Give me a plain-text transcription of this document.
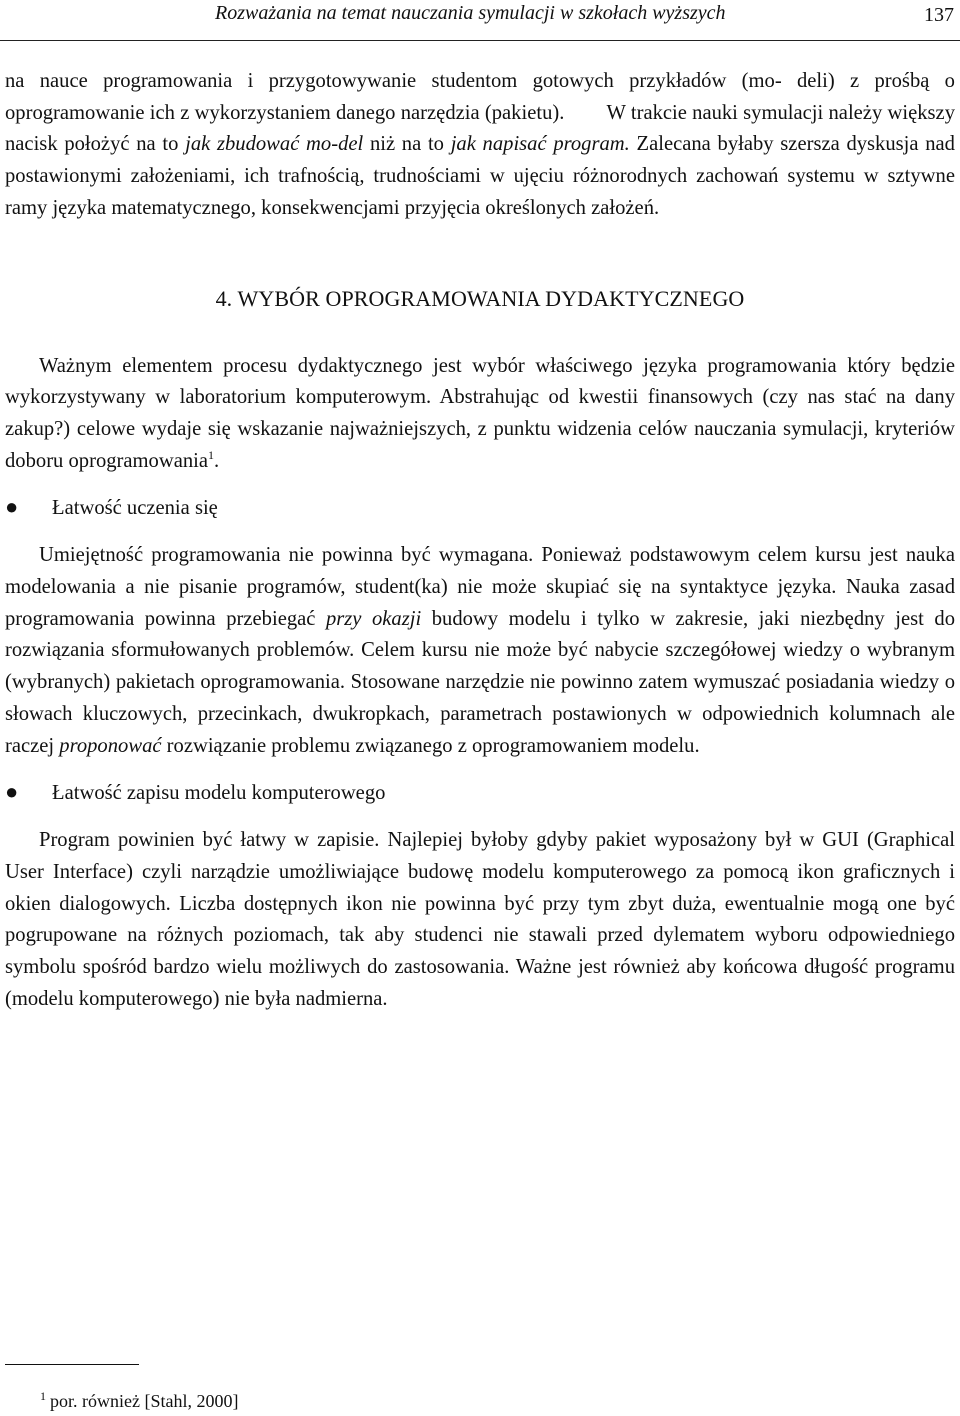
Rozważania na temat nauczania symulacji w szkołach wyższych	137

na nauce programowania i przygotowywanie studentom gotowych przykładów (mo- deli) z prośbą o oprogramowanie ich z wykorzystaniem danego narzędzia (pakietu). W trakcie nauki symulacji należy większy nacisk położyć na to jak zbudować mo-del niż na to jak napisać program. Zalecana byłaby szersza dyskusja nad postawionymi założeniami, ich trafnością, trudnościami w ujęciu różnorodnych zachowań systemu w sztywne ramy języka matematycznego, konsekwencjami przyjęcia określonych założeń.

4. WYBÓR OPROGRAMOWANIA DYDAKTYCZNEGO

Ważnym elementem procesu dydaktycznego jest wybór właściwego języka programowania który będzie wykorzystywany w laboratorium komputerowym. Abstrahując od kwestii finansowych (czy nas stać na dany zakup?) celowe wydaje się wskazanie najważniejszych, z punktu widzenia celów nauczania symulacji, kryteriów doboru oprogramowania$^1$.

●	Łatwość uczenia się

Umiejętność programowania nie powinna być wymagana. Ponieważ podstawowym celem kursu jest nauka modelowania a nie pisanie programów, student(ka) nie może skupiać się na syntaktyce języka. Nauka zasad programowania powinna przebiegać przy okazji budowy modelu i tylko w zakresie, jaki niezbędny jest do rozwiązania sformułowanych problemów. Celem kursu nie może być nabycie szczegółowej wiedzy o wybranym (wybranych) pakietach oprogramowania. Stosowane narzędzie nie powinno zatem wymuszać posiadania wiedzy o słowach kluczowych, przecinkach, dwukropkach, parametrach postawionych w odpowiednich kolumnach ale raczej proponować rozwiązanie problemu związanego z oprogramowaniem modelu.

●	Łatwość zapisu modelu komputerowego

Program powinien być łatwy w zapisie. Najlepiej byłoby gdyby pakiet wyposażony był w GUI (Graphical User Interface) czyli narządzie umożliwiające budowę modelu komputerowego za pomocą ikon graficznych i okien dialogowych. Liczba dostępnych ikon nie powinna być przy tym zbyt duża, ewentualnie mogą one być pogrupowane na różnych poziomach, tak aby studenci nie stawali przed dylematem wyboru odpowiedniego symbolu spośród bardzo wielu możliwych do zastosowania. Ważne jest również aby końcowa długość programu (modelu komputerowego) nie była nadmierna.

$^1$ por. również [Stahl, 2000]
